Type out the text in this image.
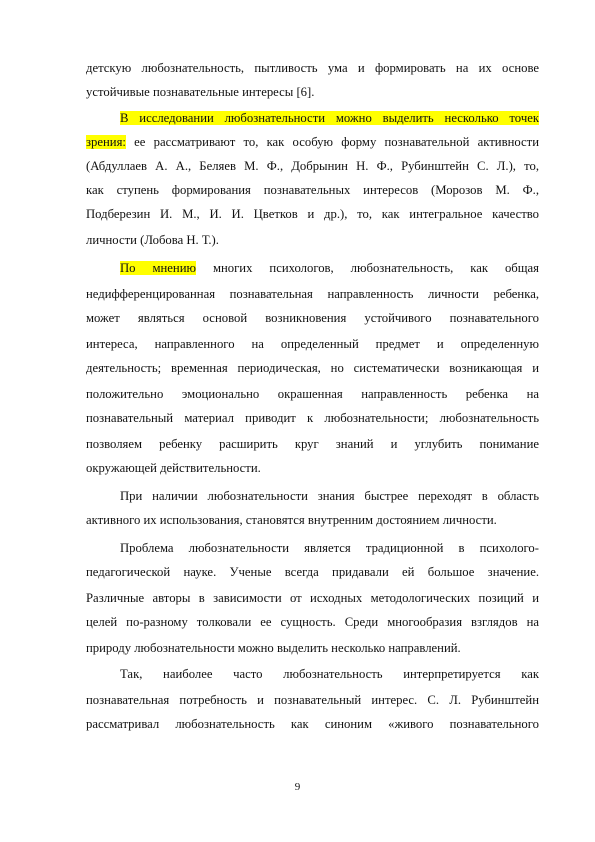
детскую любознательность, пытливость ума и формировать на их основе
устойчивые познавательные интересы [6].
В исследовании любознательности можно выделить несколько точек
зрения: ее рассматривают то, как особую форму познавательной активности
(Абдуллаев А. А., Беляев М. Ф., Добрынин Н. Ф., Рубинштейн С. Л.), то,
как ступень формирования познавательных интересов (Морозов М. Ф.,
Подберезин И. М., И. И. Цветков и др.), то, как интегральное качество
личности (Лобова Н. Т.).
По мнению многих психологов, любознательность, как общая
недифференцированная познавательная направленность личности ребенка,
может являться основой возникновения устойчивого познавательного
интереса, направленного на определенный предмет и определенную
деятельность; временная периодическая, но систематически возникающая и
положительно эмоционально окрашенная направленность ребенка на
познавательный материал приводит к любознательности; любознательность
позволяем ребенку расширить круг знаний и углубить понимание
окружающей действительности.
При наличии любознательности знания быстрее переходят в область
активного их использования, становятся внутренним достоянием личности.
Проблема любознательности является традиционной в психолого-
педагогической науке. Ученые всегда придавали ей большое значение.
Различные авторы в зависимости от исходных методологических позиций и
целей по-разному толковали ее сущность. Среди многообразия взглядов на
природу любознательности можно выделить несколько направлений.
Так, наиболее часто любознательность интерпретируется как
познавательная потребность и познавательный интерес. С. Л. Рубинштейн
рассматривал любознательность как синоним «живого познавательного
9
